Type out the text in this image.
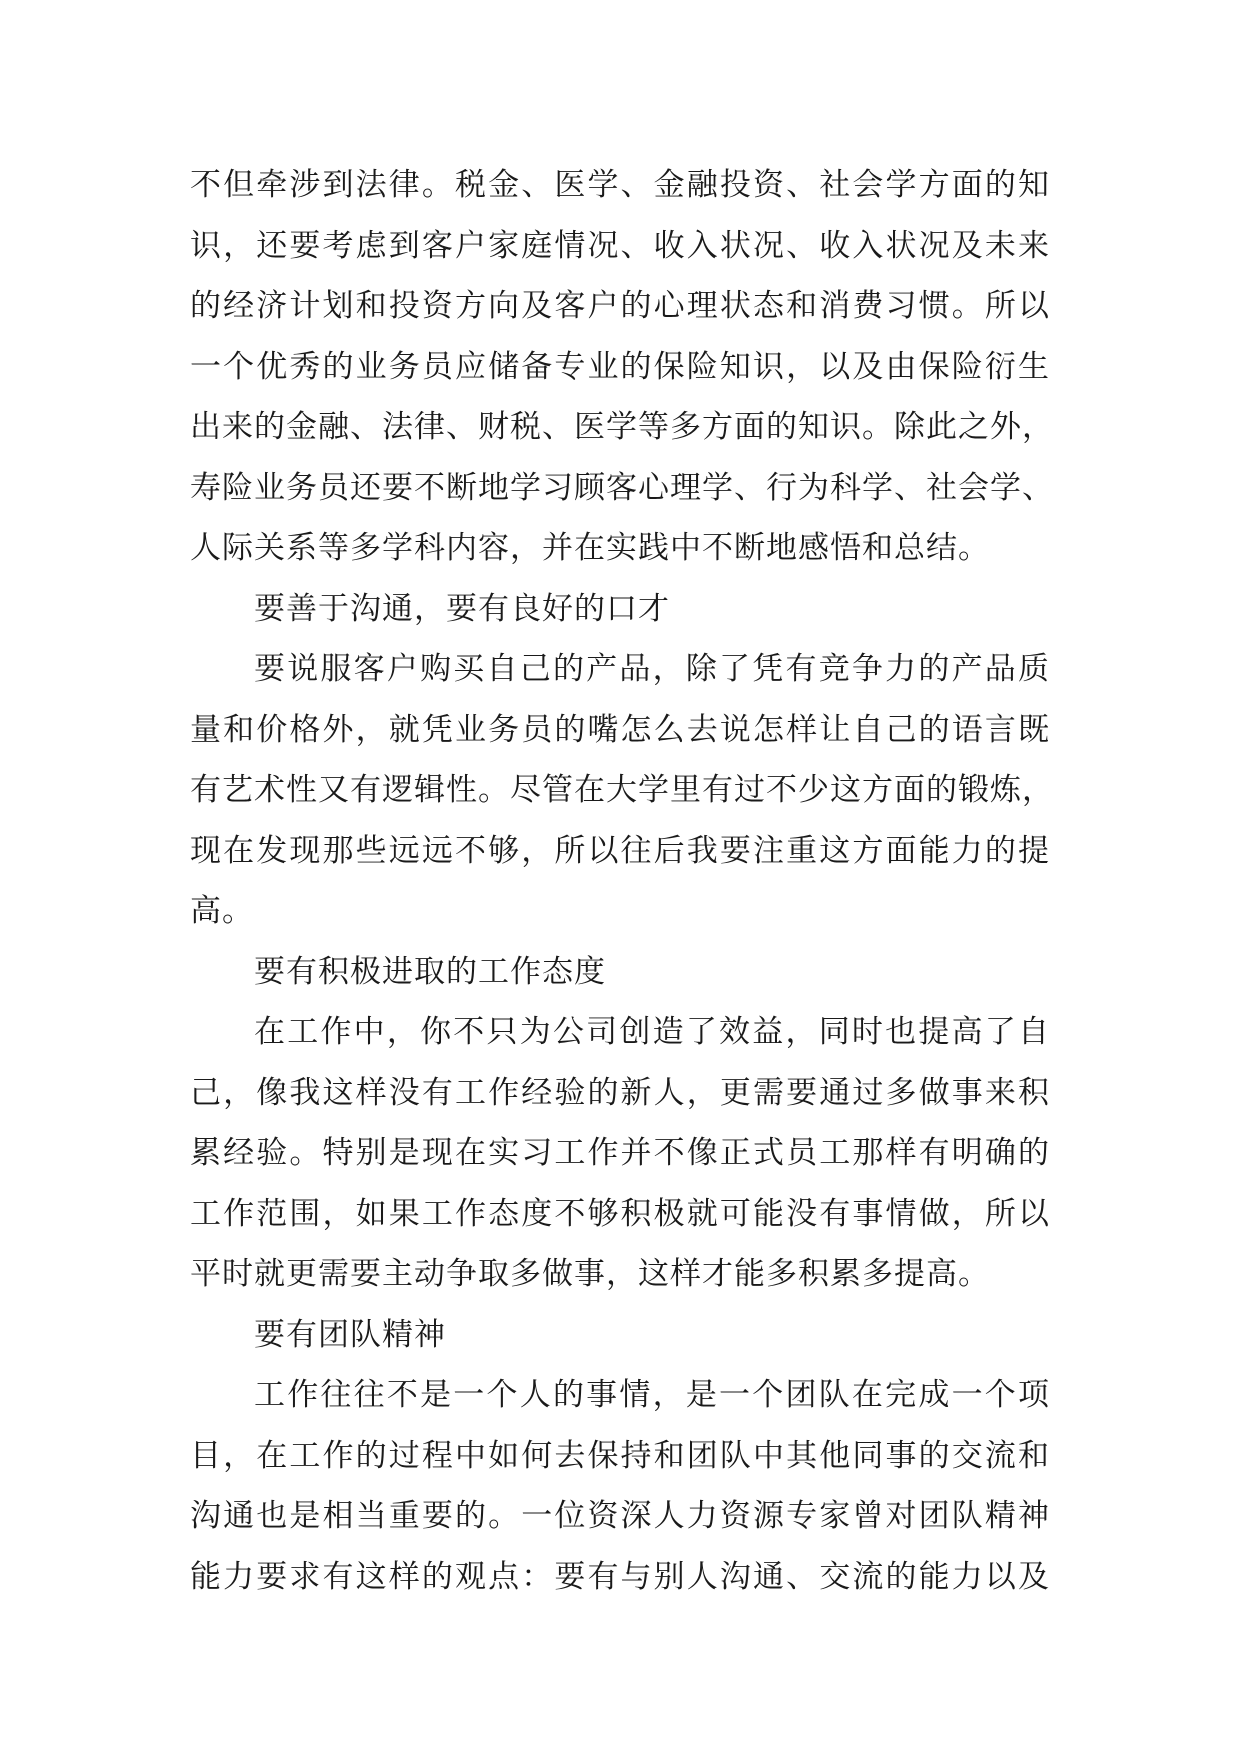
不但牵涉到法律。税金、医学、金融投资、社会学方面的知
识，还要考虑到客户家庭情况、收入状况、收入状况及未来
的经济计划和投资方向及客户的心理状态和消费习惯。所以
一个优秀的业务员应储备专业的保险知识，以及由保险衍生
出来的金融、法律、财税、医学等多方面的知识。除此之外，
寿险业务员还要不断地学习顾客心理学、行为科学、社会学、
人际关系等多学科内容，并在实践中不断地感悟和总结。
要善于沟通，要有良好的口才
要说服客户购买自己的产品，除了凭有竞争力的产品质
量和价格外，就凭业务员的嘴怎么去说怎样让自己的语言既
有艺术性又有逻辑性。尽管在大学里有过不少这方面的锻炼，
现在发现那些远远不够，所以往后我要注重这方面能力的提
高。
要有积极进取的工作态度
在工作中，你不只为公司创造了效益，同时也提高了自
己，像我这样没有工作经验的新人，更需要通过多做事来积
累经验。特别是现在实习工作并不像正式员工那样有明确的
工作范围，如果工作态度不够积极就可能没有事情做，所以
平时就更需要主动争取多做事，这样才能多积累多提高。
要有团队精神
工作往往不是一个人的事情，是一个团队在完成一个项
目，在工作的过程中如何去保持和团队中其他同事的交流和
沟通也是相当重要的。一位资深人力资源专家曾对团队精神
能力要求有这样的观点：要有与别人沟通、交流的能力以及
